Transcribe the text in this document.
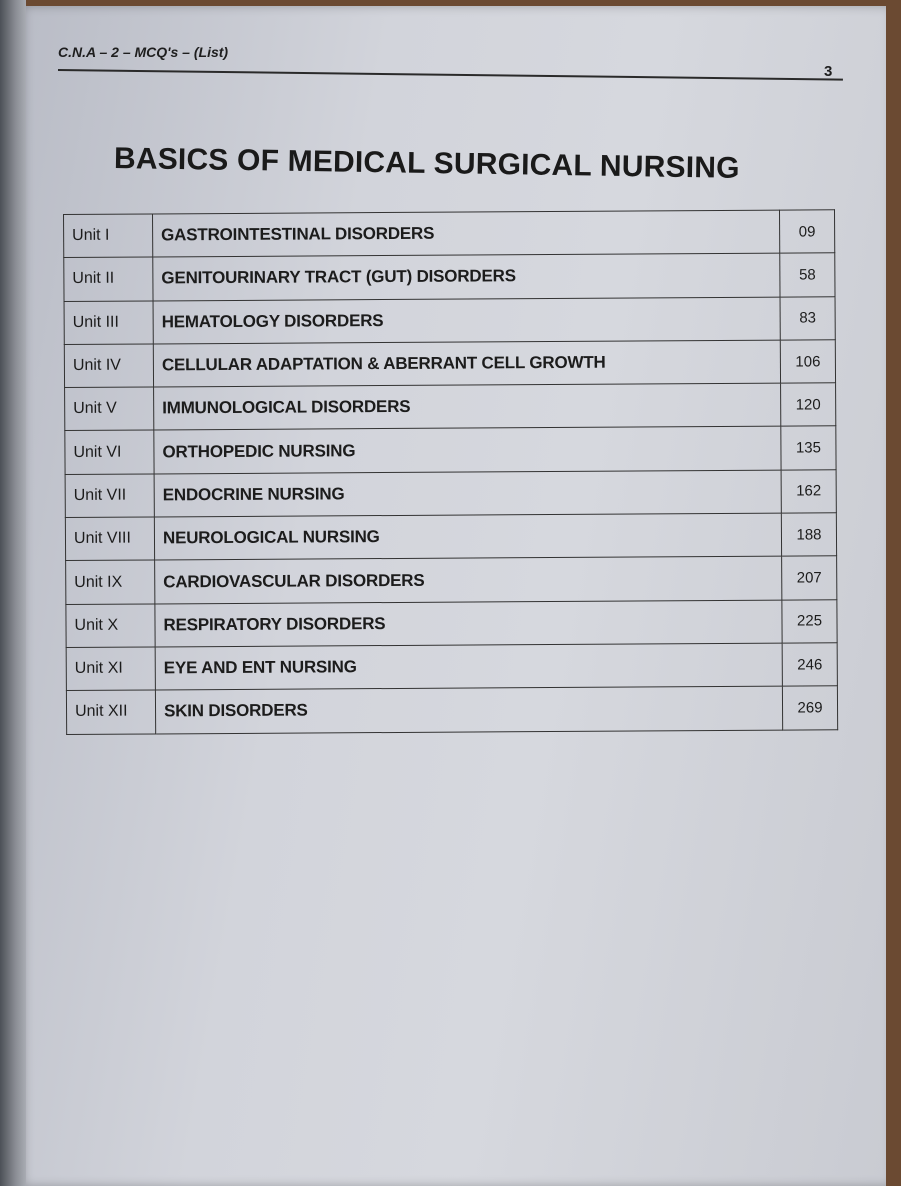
C.N.A – 2 – MCQ's – (List)
3
BASICS OF MEDICAL SURGICAL NURSING
Unit I	GASTROINTESTINAL DISORDERS	09
Unit II	GENITOURINARY TRACT (GUT) DISORDERS	58
Unit III	HEMATOLOGY DISORDERS	83
Unit IV	CELLULAR ADAPTATION & ABERRANT CELL GROWTH	106
Unit V	IMMUNOLOGICAL DISORDERS	120
Unit VI	ORTHOPEDIC NURSING	135
Unit VII	ENDOCRINE NURSING	162
Unit VIII	NEUROLOGICAL NURSING	188
Unit IX	CARDIOVASCULAR DISORDERS	207
Unit X	RESPIRATORY DISORDERS	225
Unit XI	EYE AND ENT NURSING	246
Unit XII	SKIN DISORDERS	269
